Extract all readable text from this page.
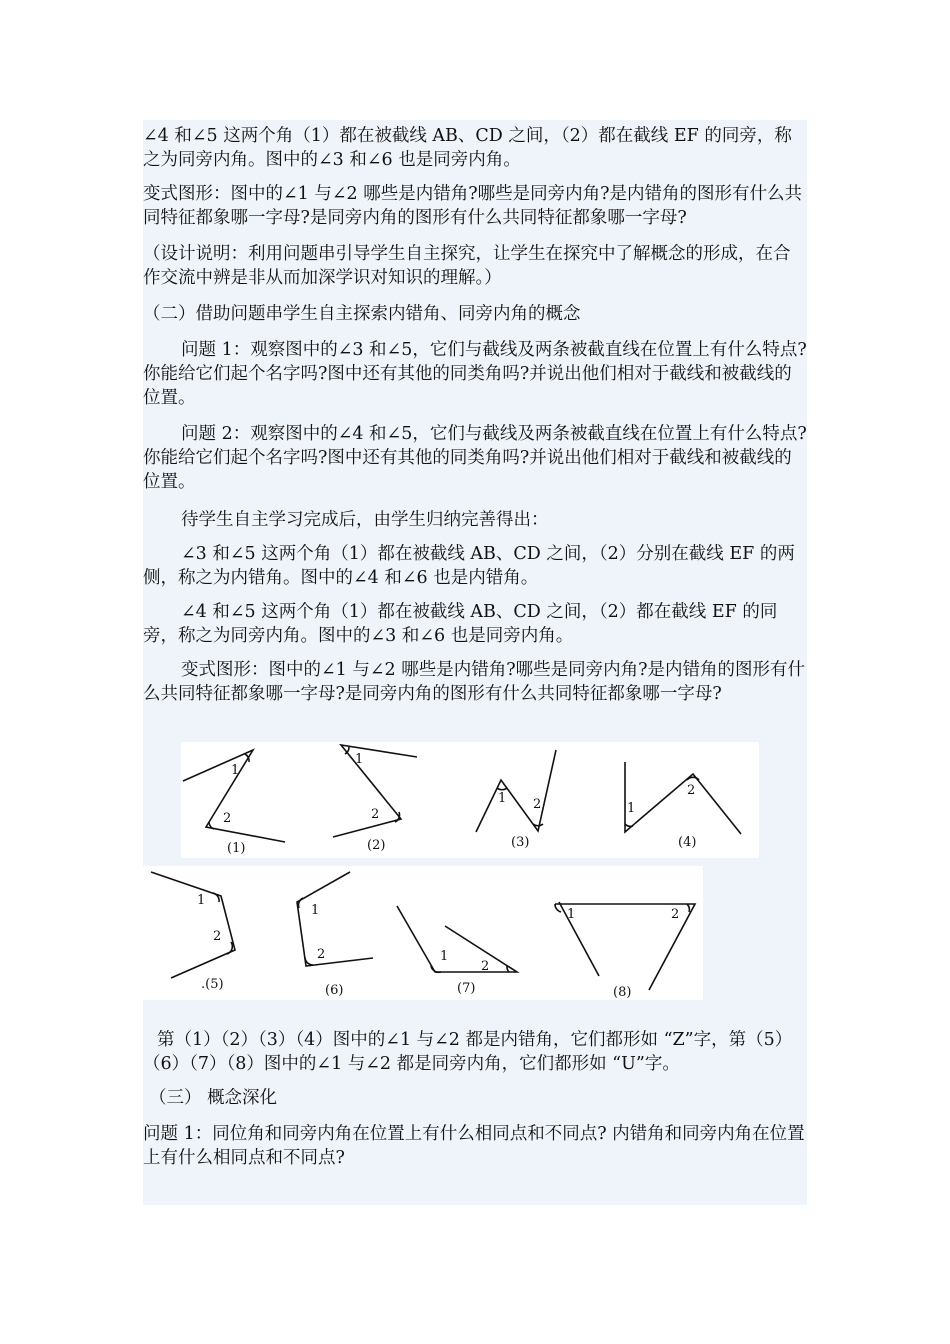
∠4 和∠5 这两个角（1）都在被截线 AB、CD 之间，（2）都在截线 EF 的同旁，称之为同旁内角。图中的∠3 和∠6 也是同旁内角。

变式图形：图中的∠1 与∠2 哪些是内错角?哪些是同旁内角?是内错角的图形有什么共同特征都象哪一字母?是同旁内角的图形有什么共同特征都象哪一字母?

（设计说明：利用问题串引导学生自主探究，让学生在探究中了解概念的形成，在合作交流中辨是非从而加深学识对知识的理解。）

（二）借助问题串学生自主探索内错角、同旁内角的概念

问题 1：观察图中的∠3 和∠5，它们与截线及两条被截直线在位置上有什么特点?你能给它们起个名字吗?图中还有其他的同类角吗?并说出他们相对于截线和被截线的位置。

问题 2：观察图中的∠4 和∠5，它们与截线及两条被截直线在位置上有什么特点?你能给它们起个名字吗?图中还有其他的同类角吗?并说出他们相对于截线和被截线的位置。

待学生自主学习完成后，由学生归纳完善得出：

∠3 和∠5 这两个角（1）都在被截线 AB、CD 之间，（2）分别在截线 EF 的两侧，称之为内错角。图中的∠4 和∠6 也是内错角。

∠4 和∠5 这两个角（1）都在被截线 AB、CD 之间，（2）都在截线 EF 的同旁，称之为同旁内角。图中的∠3 和∠6 也是同旁内角。

变式图形：图中的∠1 与∠2 哪些是内错角?哪些是同旁内角?是内错角的图形有什么共同特征都象哪一字母?是同旁内角的图形有什么共同特征都象哪一字母?

1
2
(1)
1
2
(2)
1 2
(3)
1
2
(4)
1
2
.(5)
1
2
(6)
1
2
(7)
1	2
(8)

第（1）（2）（3）（4）图中的∠1 与∠2 都是内错角，它们都形如 “Z”字，第（5）（6）（7）（8）图中的∠1 与∠2 都是同旁内角，它们都形如 “U”字。

（三） 概念深化

问题 1：同位角和同旁内角在位置上有什么相同点和不同点? 内错角和同旁内角在位置上有什么相同点和不同点?
